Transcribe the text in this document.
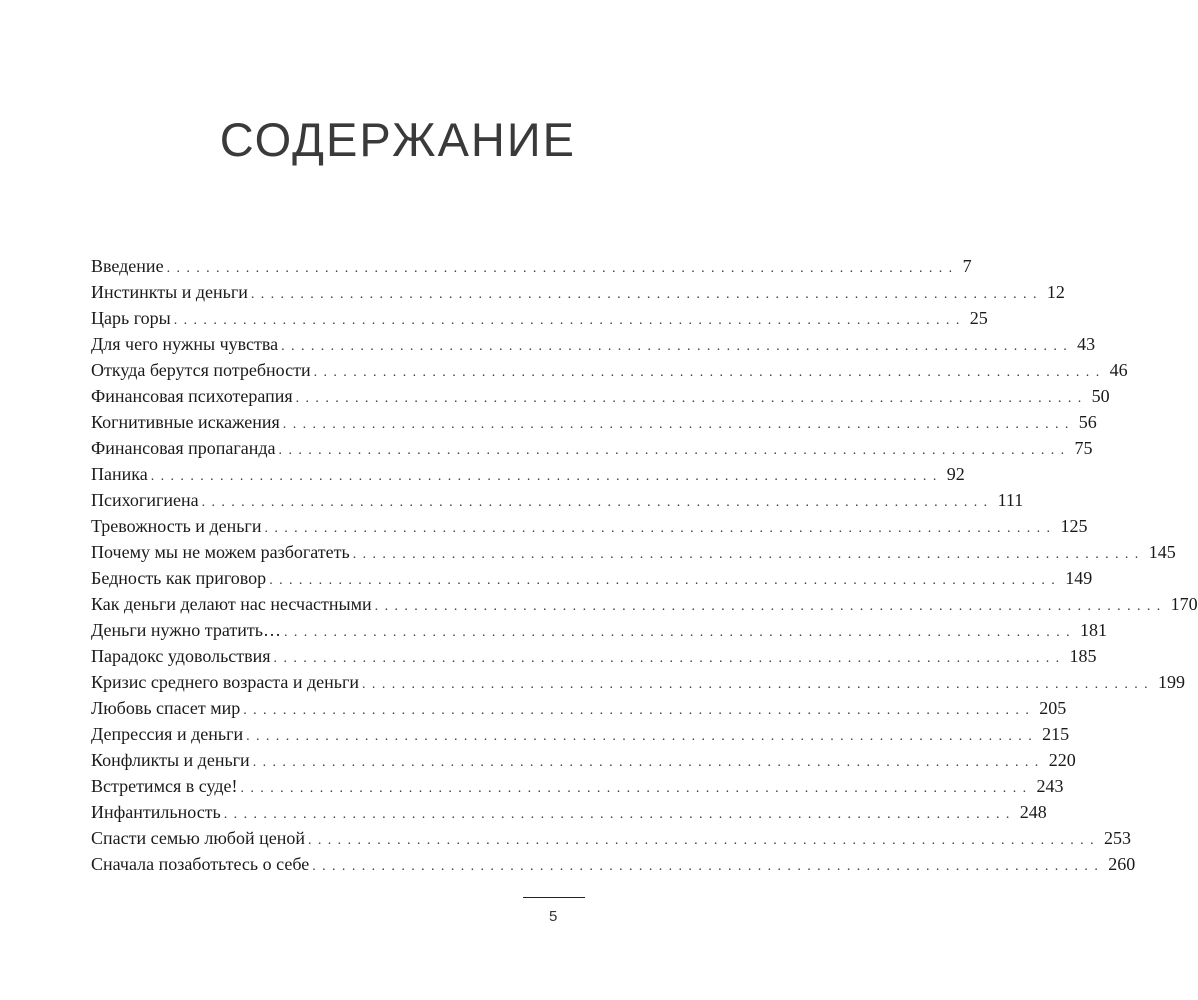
СОДЕРЖАНИЕ
Введение ................................................................................ 7
Инстинкты и деньги ................................................................................ 12
Царь горы ................................................................................ 25
Для чего нужны чувства ................................................................................ 43
Откуда берутся потребности ................................................................................ 46
Финансовая психотерапия ................................................................................ 50
Когнитивные искажения ................................................................................ 56
Финансовая пропаганда ................................................................................ 75
Паника ................................................................................ 92
Психогигиена ................................................................................ 111
Тревожность и деньги ................................................................................ 125
Почему мы не можем разбогатеть ................................................................................ 145
Бедность как приговор ................................................................................ 149
Как деньги делают нас несчастными ................................................................................ 170
Деньги нужно тратить… ................................................................................ 181
Парадокс удовольствия ................................................................................ 185
Кризис среднего возраста и деньги ................................................................................ 199
Любовь спасет мир ................................................................................ 205
Депрессия и деньги ................................................................................ 215
Конфликты и деньги ................................................................................ 220
Встретимся в суде! ................................................................................ 243
Инфантильность ................................................................................ 248
Спасти семью любой ценой ................................................................................ 253
Сначала позаботьтесь о себе ................................................................................ 260
5
